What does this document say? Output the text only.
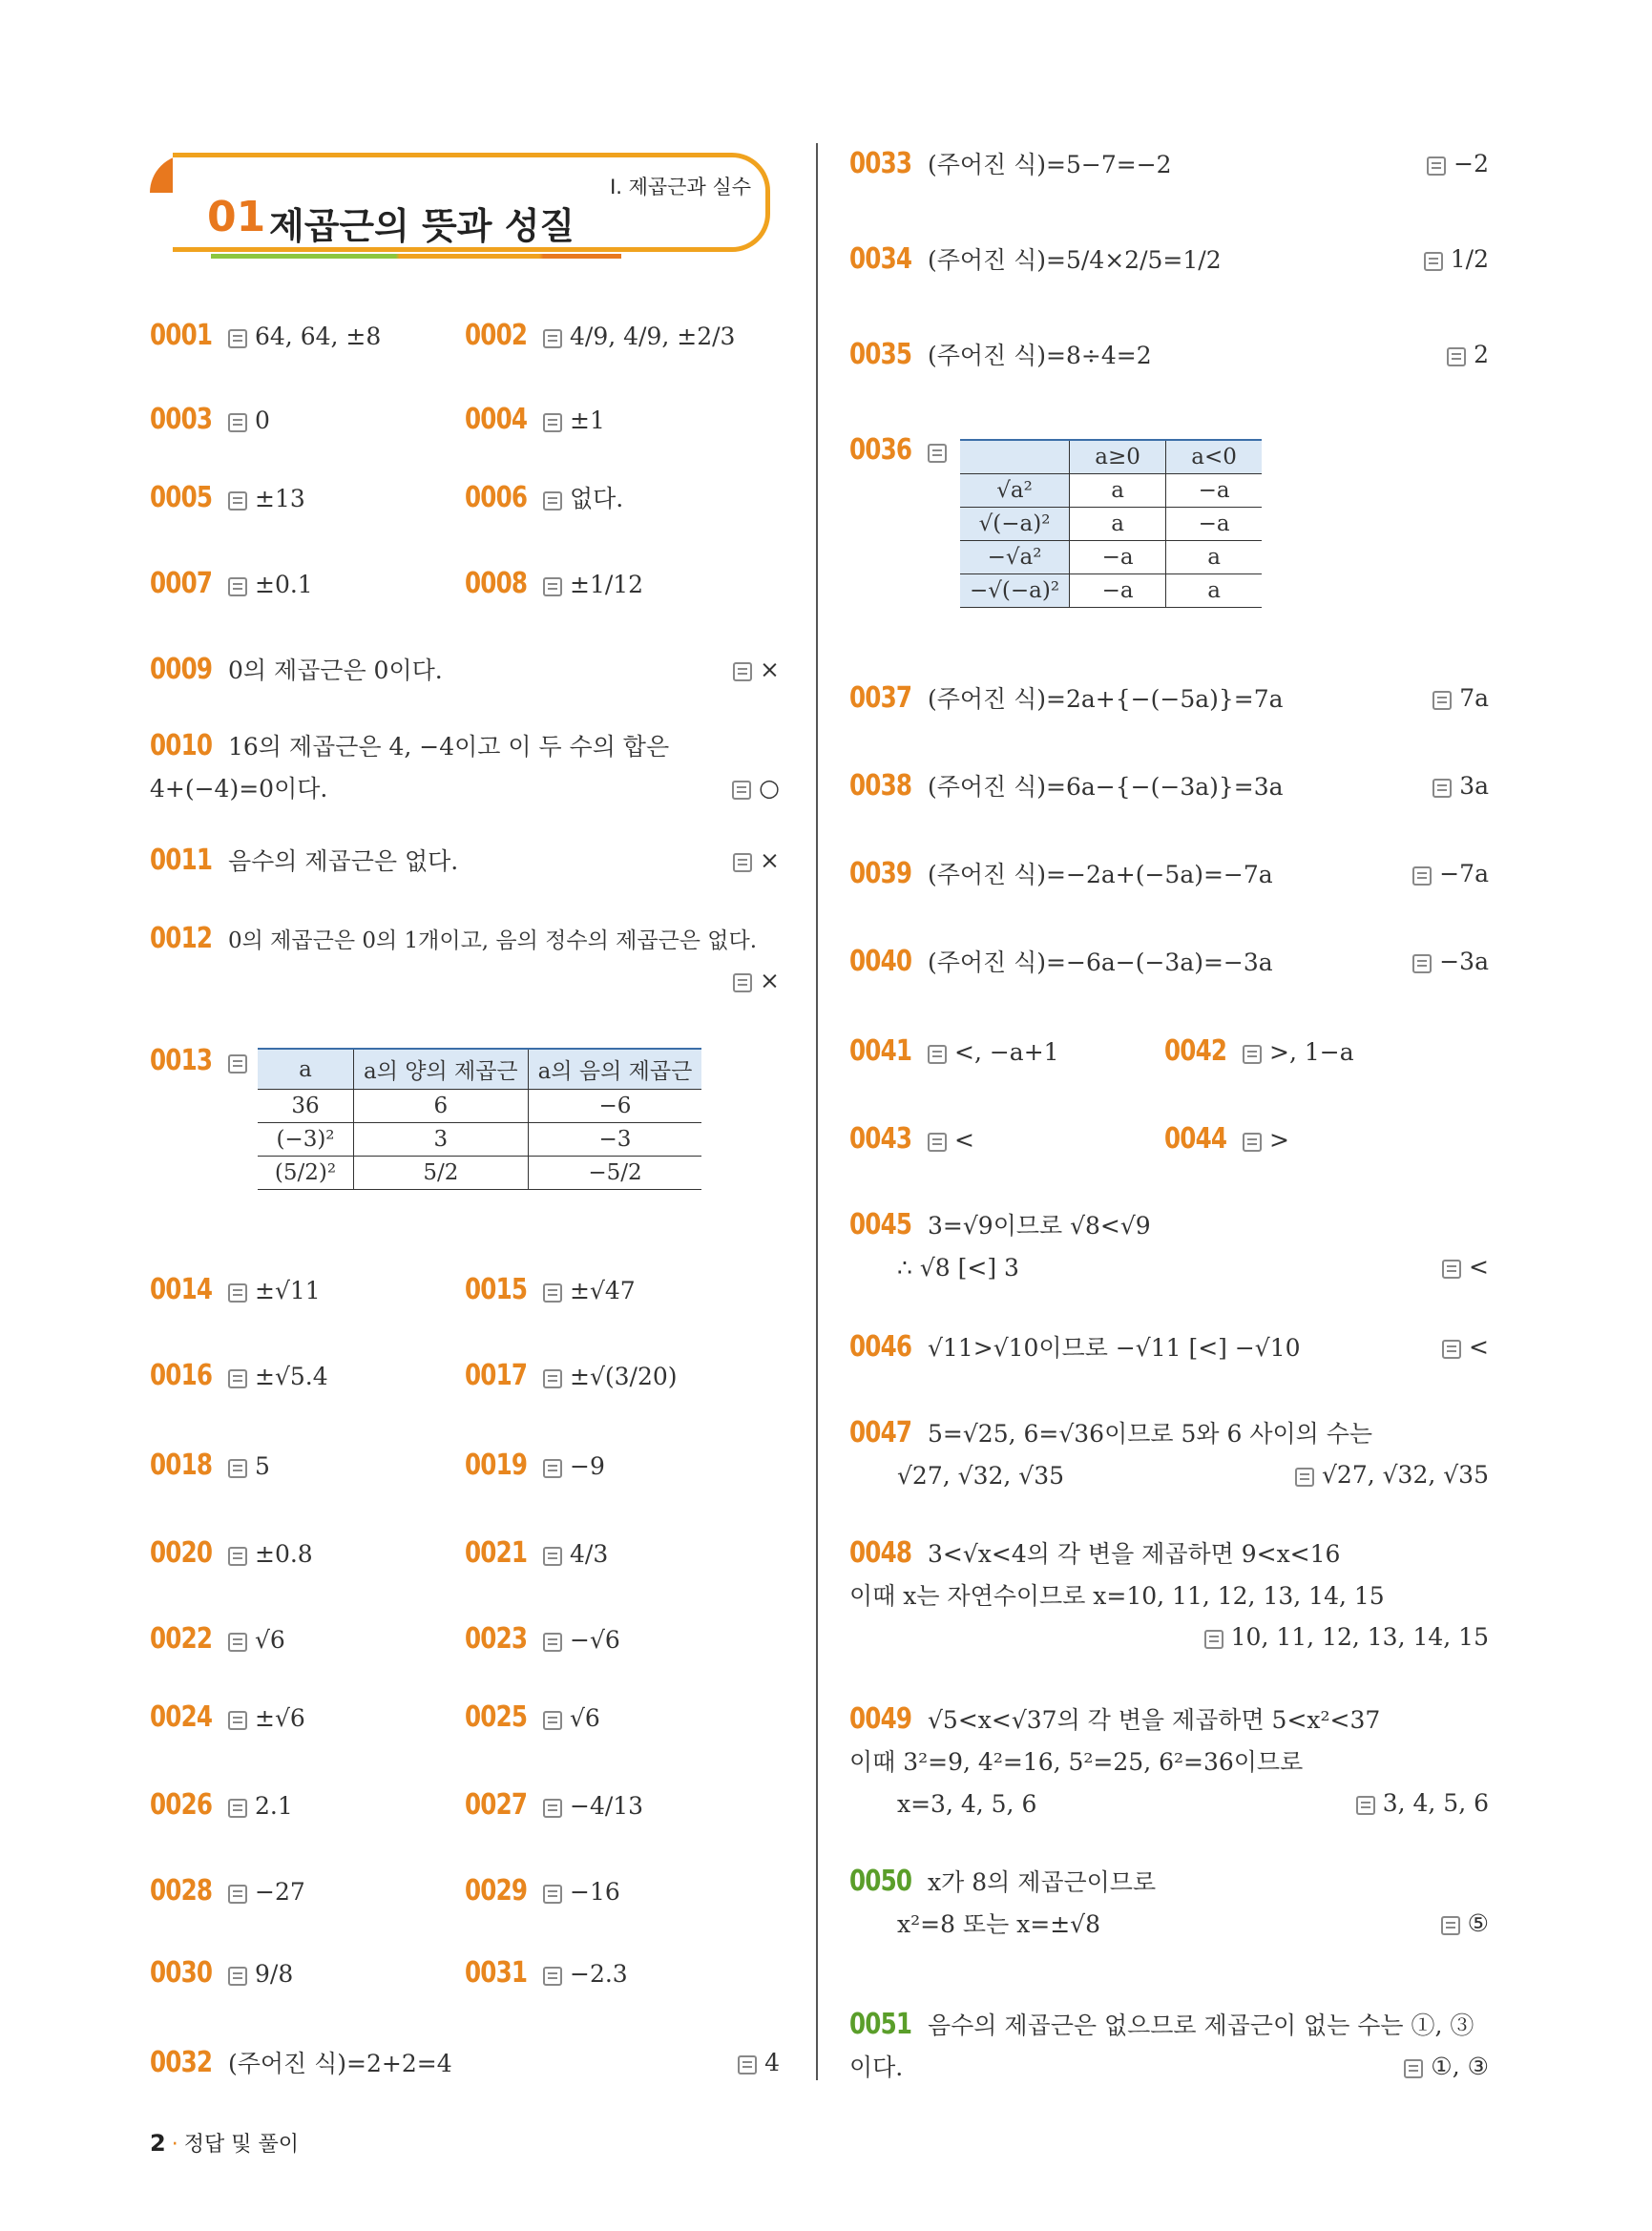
Ⅰ. 제곱근과 실수
01 제곱근의 뜻과 성질
0001 64, 64, ±8	0002 4/9, 4/9, ±2/3
0003 0	0004 ±1
0005 ±13	0006 없다.
0007 ±0.1	0008 ±1/12
0009 0의 제곱근은 0이다.	×
0010 16의 제곱근은 4, −4이고 이 두 수의 합은
4+(−4)=0이다.	○
0011 음수의 제곱근은 없다.	×
0012 0의 제곱근은 0의 1개이고, 음의 정수의 제곱근은 없다.
×
0013	a	a의 양의 제곱근	a의 음의 제곱근
36	6	−6
(−3)²	3	−3
(5/2)²	5/2	−5/2
0014 ±√11	0015 ±√47
0016 ±√5.4	0017 ±√(3/20)
0018 5	0019 −9
0020 ±0.8	0021 4/3
0022 √6	0023 −√6
0024 ±√6	0025 √6
0026 2.1	0027 −4/13
0028 −27	0029 −16
0030 9/8	0031 −2.3
0032 (주어진 식)=2+2=4	4
0033 (주어진 식)=5−7=−2	−2
0034 (주어진 식)=5/4×2/5=1/2	1/2
0035 (주어진 식)=8÷4=2	2
0036
		a≥0	a<0
√a²	a	−a
√(−a)²	a	−a
−√a²	−a	a
−√(−a)²	−a	a
0037 (주어진 식)=2a+{−(−5a)}=7a	7a
0038 (주어진 식)=6a−{−(−3a)}=3a	3a
0039 (주어진 식)=−2a+(−5a)=−7a	−7a
0040 (주어진 식)=−6a−(−3a)=−3a	−3a
0041 <, −a+1	0042 >, 1−a
0043 <	0044 >
0045 3=√9이므로 √8<√9
∴ √8 [<] 3	<
0046 √11>√10이므로 −√11 [<] −√10	<
0047 5=√25, 6=√36이므로 5와 6 사이의 수는
√27, √32, √35	√27, √32, √35
0048 3<√x<4의 각 변을 제곱하면 9<x<16
이때 x는 자연수이므로 x=10, 11, 12, 13, 14, 15

10, 11, 12, 13, 14, 15
0049 √5<x<√37의 각 변을 제곱하면 5<x²<37
이때 3²=9, 4²=16, 5²=25, 6²=36이므로
x=3, 4, 5, 6	3, 4, 5, 6
0050 x가 8의 제곱근이므로
x²=8 또는 x=±√8	⑤
0051 음수의 제곱근은 없으므로 제곱근이 없는 수는 ①, ③
이다.	①, ③
2 · 정답 및 풀이
